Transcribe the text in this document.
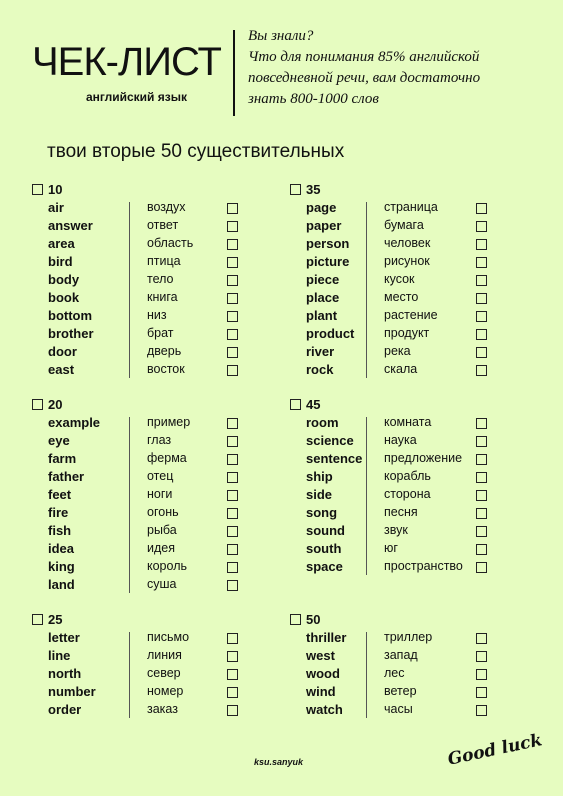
ЧЕК-ЛИСТ
английский язык
Вы знали?
Что для понимания 85% английской
повседневной речи, вам достаточно
знать 800-1000 слов
твои вторые 50 существительных
10
air	воздух
answer	ответ
area	область
bird	птица
body	тело
book	книга
bottom	низ
brother	брат
door	дверь
east	восток
35
page	страница
paper	бумага
person	человек
picture	рисунок
piece	кусок
place	место
plant	растение
product продукт
river	река
rock	скала
20
example	пример
eye	глаз
farm	ферма
father	отец
feet	ноги
fire	огонь
fish	рыба
idea	идея
king	король
land	суша
45
room	комната
science наука
sentence предложение
ship	корабль
side	сторона
song	песня
sound	звук
south	юг
space	пространство
25
letter	письмо
line	линия
north	север
number	номер
order	заказ
50
thriller	триллер
west	запад
wood	лес
wind	ветер
watch	часы
ksu.sanyuk	Good luck
